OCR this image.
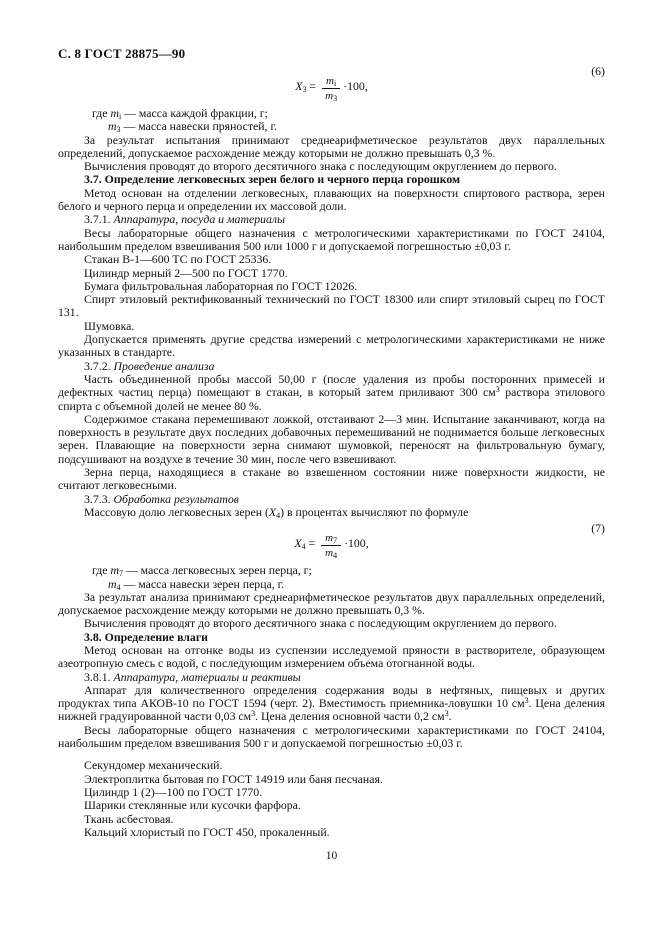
С. 8 ГОСТ 28875—90

$X_3 = \frac{m_i}{m_3} \cdot 100$,
(6)
где $m_i$ — масса каждой фракции, г;
$m_3$ — масса навески пряностей, г.

За результат испытания принимают среднеарифметическое результатов двух параллельных определений, допускаемое расхождение между которыми не должно превышать 0,3 %.

Вычисления проводят до второго десятичного знака с последующим округлением до первого.

3.7. Определение легковесных зерен белого и черного перца горошком

Метод основан на отделении легковесных, плавающих на поверхности спиртового раствора, зерен белого и черного перца и определении их массовой доли.

3.7.1. Аппаратура, посуда и материалы

Весы лабораторные общего назначения с метрологическими характеристиками по ГОСТ 24104, наибольшим пределом взвешивания 500 или 1000 г и допускаемой погрешностью ±0,03 г.

Стакан В-1—600 ТС по ГОСТ 25336.

Цилиндр мерный 2—500 по ГОСТ 1770.

Бумага фильтровальная лабораторная по ГОСТ 12026.

Спирт этиловый ректификованный технический по ГОСТ 18300 или спирт этиловый сырец по ГОСТ 131.

Шумовка.

Допускается применять другие средства измерений с метрологическими характеристиками не ниже указанных в стандарте.

3.7.2. Проведение анализа

Часть объединенной пробы массой 50,00 г (после удаления из пробы посторонних примесей и дефектных частиц перца) помещают в стакан, в который затем приливают 300 $см^3$ раствора этилового спирта с объемной долей не менее 80 %.

Содержимое стакана перемешивают ложкой, отстаивают 2—3 мин. Испытание заканчивают, когда на поверхность в результате двух последних добавочных перемешиваний не поднимается больше легковесных зерен. Плавающие на поверхности зерна снимают шумовкой, переносят на фильтровальную бумагу, подсушивают на воздухе в течение 30 мин, после чего взвешивают.

Зерна перца, находящиеся в стакане во взвешенном состоянии ниже поверхности жидкости, не считают легковесными.

3.7.3. Обработка результатов

Массовую долю легковесных зерен $(X_4)$ в процентах вычисляют по формуле

$X_4 = \frac{m_7}{m_4} \cdot 100$,
(7)
где $m_7$ — масса легковесных зерен перца, г;
$m_4$ — масса навески зерен перца, г.

За результат анализа принимают среднеарифметическое результатов двух параллельных определений, допускаемое расхождение между которыми не должно превышать 0,3 %.

Вычисления проводят до второго десятичного знака с последующим округлением до первого.

3.8. Определение влаги

Метод основан на отгонке воды из суспензии исследуемой пряности в растворителе, образующем азеотропную смесь с водой, с последующим измерением объема отогнанной воды.

3.8.1. Аппаратура, материалы и реактивы

Аппарат для количественного определения содержания воды в нефтяных, пищевых и других продуктах типа АКОВ-10 по ГОСТ 1594 (черт. 2). Вместимость приемника-ловушки 10 $см^3$. Цена деления нижней градуированной части 0,03 $см^3$. Цена деления основной части 0,2 $см^3$.

Весы лабораторные общего назначения с метрологическими характеристиками по ГОСТ 24104, наибольшим пределом взвешивания 500 г и допускаемой погрешностью ±0,03 г.

Секундомер механический.

Электроплитка бытовая по ГОСТ 14919 или баня песчаная.

Цилиндр 1 (2)—100 по ГОСТ 1770.

Шарики стеклянные или кусочки фарфора.

Ткань асбестовая.

Кальций хлористый по ГОСТ 450, прокаленный.

10
